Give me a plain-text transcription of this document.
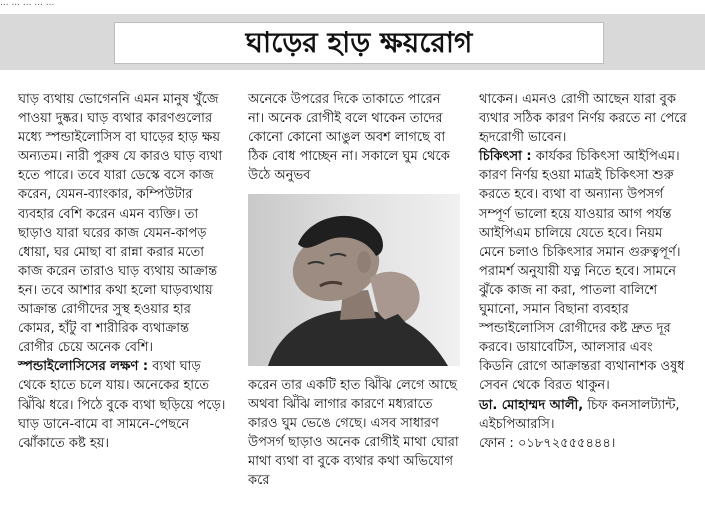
... ... ... ... ...
ঘাড়ের হাড় ক্ষয়রোগ

ঘাড় ব্যথায় ভোগেননি এমন মানুষ খুঁজে পাওয়া দুষ্কর। ঘাড় ব্যথার কারণগুলোর মধ্যে স্পন্ডাইলোসিস বা ঘাড়ের হাড় ক্ষয় অন্যতম। নারী পুরুষ যে কারও ঘাড় ব্যথা হতে পারে। তবে যারা ডেস্কে বসে কাজ করেন, যেমন-ব্যাংকার, কম্পিউটার ব্যবহার বেশি করেন এমন ব্যক্তি। তা ছাড়াও যারা ঘরের কাজ যেমন-কাপড় ধোয়া, ঘর মোছা বা রান্না করার মতো কাজ করেন তারাও ঘাড় ব্যথায় আক্রান্ত হন। তবে আশার কথা হলো ঘাড়ব্যথায় আক্রান্ত রোগীদের সুস্থ হওয়ার হার কোমর, হাঁটু বা শারীরিক ব্যথাক্রান্ত রোগীর চেয়ে অনেক বেশি।

স্পন্ডাইলোসিসের লক্ষণ : ব্যথা ঘাড় থেকে হাতে চলে যায়। অনেকের হাতে ঝিঁঝি ধরে। পিঠে বুকে ব্যথা ছড়িয়ে পড়ে। ঘাড় ডানে-বামে বা সামনে-পেছনে ঝোঁকাতে কষ্ট হয়।

অনেকে উপরের দিকে তাকাতে পারেন না। অনেক রোগীই বলে থাকেন তাদের কোনো কোনো আঙুল অবশ লাগছে বা ঠিক বোধ পাচ্ছেন না। সকালে ঘুম থেকে উঠে অনুভব

করেন তার একটি হাত ঝিঁঝি লেগে আছে অথবা ঝিঁঝি লাগার কারণে মধ্যরাতে কারও ঘুম ভেঙে গেছে। এসব সাধারণ উপসর্গ ছাড়াও অনেক রোগীই মাথা ঘোরা মাথা ব্যথা বা বুকে ব্যথার কথা অভিযোগ করে

থাকেন। এমনও রোগী আছেন যারা বুক ব্যথার সঠিক কারণ নির্ণয় করতে না পেরে হৃদরোগী ভাবেন।

চিকিৎসা : কার্যকর চিকিৎসা আইপিএম। কারণ নির্ণয় হওয়া মাত্রই চিকিৎসা শুরু করতে হবে। ব্যথা বা অন্যান্য উপসর্গ সম্পূর্ণ ভালো হয়ে যাওয়ার আগ পর্যন্ত আইপিএম চালিয়ে যেতে হবে। নিয়ম মেনে চলাও চিকিৎসার সমান গুরুত্বপূর্ণ। পরামর্শ অনুযায়ী যত্ন নিতে হবে। সামনে ঝুঁকে কাজ না করা, পাতলা বালিশে ঘুমানো, সমান বিছানা ব্যবহার স্পন্ডাইলোসিস রোগীদের কষ্ট দ্রুত দূর করবে। ডায়াবেটিস, আলসার এবং কিডনি রোগে আক্রান্তরা ব্যথানাশক ওষুধ সেবন থেকে বিরত থাকুন।

ডা. মোহাম্মদ আলী, চিফ কনসালট্যান্ট, এইচপিআরসি।

ফোন : ০১৮৭২৫৫৫৪৪৪।
